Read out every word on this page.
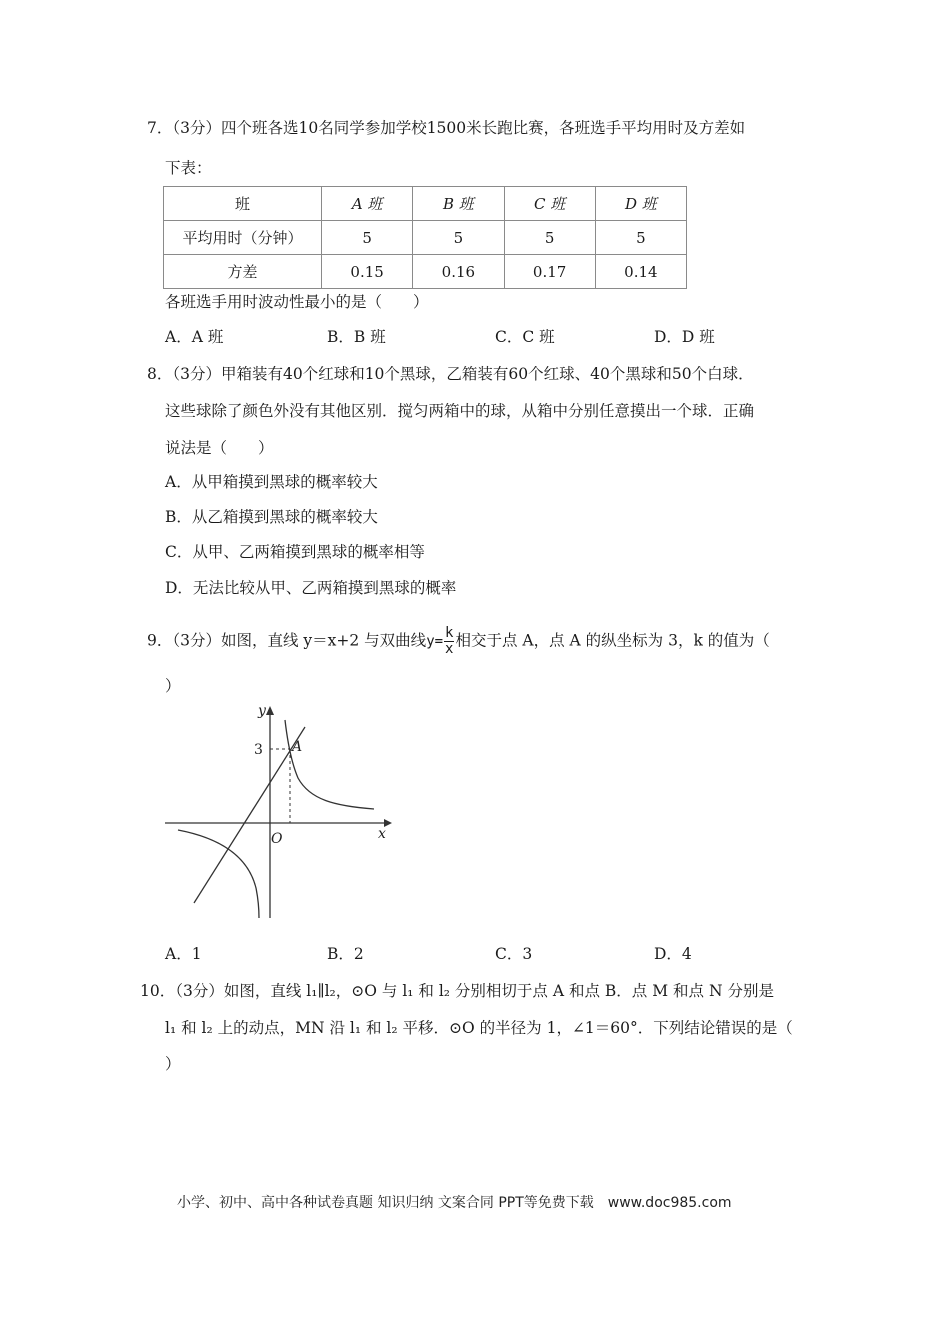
7．（3分）四个班各选10名同学参加学校1500米长跑比赛，各班选手平均用时及方差如
下表：
班	A 班	B 班	C 班	D 班
平均用时（分钟）	5	5	5	5
方差	0.15	0.16	0.17	0.14
各班选手用时波动性最小的是（　　）
A．A 班	B．B 班	C．C 班	D．D 班
8．（3分）甲箱装有40个红球和10个黑球，乙箱装有60个红球、40个黑球和50个白球．
这些球除了颜色外没有其他区别．搅匀两箱中的球，从箱中分别任意摸出一个球．正确
说法是（　　）
A．从甲箱摸到黑球的概率较大
B．从乙箱摸到黑球的概率较大
C．从甲、乙两箱摸到黑球的概率相等
D．无法比较从甲、乙两箱摸到黑球的概率
9．（3分）如图，直线 y＝x+2 与双曲线$y= \frac{k}{x}$ 相交于点 A，点 A 的纵坐标为 3，k 的值为（
）
y
x
O
3 A
A．1	B．2	C．3	D．4
10．（3分）如图，直线 l₁∥l₂，⊙O 与 l₁ 和 l₂ 分别相切于点 A 和点 B．点 M 和点 N 分别是
l₁ 和 l₂ 上的动点，MN 沿 l₁ 和 l₂ 平移．⊙O 的半径为 1，∠1＝60°．下列结论错误的是（
）
小学、初中、高中各种试卷真题 知识归纳 文案合同 PPT等免费下载　www.doc985.com
